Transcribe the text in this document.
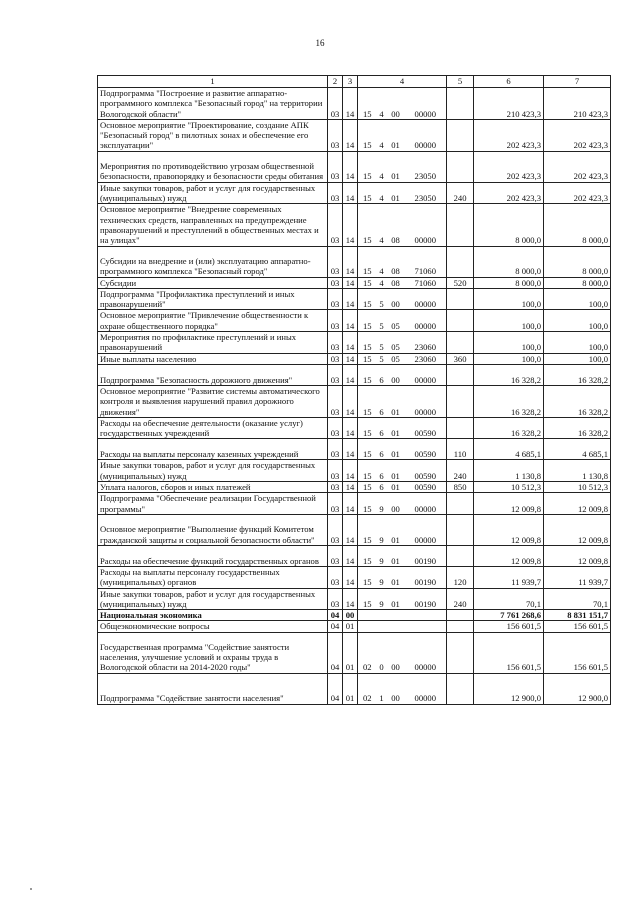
16
1	2	3	4				5	6	7
Подпрограмма "Построение и развитие аппаратно-программного комплекса "Безопасный город" на территории Вологодской области"	03	14	15	4	00	00000		210 423,3	210 423,3
Основное мероприятие "Проектирование, создание АПК "Безопасный город" в пилотных зонах и обеспечение его эксплуатации"	03	14	15	4	01	00000		202 423,3	202 423,3
Мероприятия по противодействию угрозам общественной безопасности, правопорядку и безопасности среды обитания	03	14	15	4	01	23050		202 423,3	202 423,3
Иные закупки товаров, работ и услуг для государственных (муниципальных) нужд	03	14	15	4	01	23050	240	202 423,3	202 423,3
Основное мероприятие "Внедрение современных технических средств, направленных на предупреждение правонарушений и преступлений в общественных местах и на улицах"	03	14	15	4	08	00000		8 000,0	8 000,0
Субсидии на внедрение и (или) эксплуатацию аппаратно-программного комплекса "Безопасный город"	03	14	15	4	08	71060		8 000,0	8 000,0
Субсидии	03	14	15	4	08	71060	520	8 000,0	8 000,0
Подпрограмма "Профилактика преступлений и иных правонарушений"	03	14	15	5	00	00000		100,0	100,0
Основное мероприятие "Привлечение общественности к охране общественного порядка"	03	14	15	5	05	00000		100,0	100,0
Мероприятия по профилактике преступлений и иных правонарушений	03	14	15	5	05	23060		100,0	100,0
Иные выплаты населению	03	14	15	5	05	23060	360	100,0	100,0
Подпрограмма "Безопасность дорожного движения"	03	14	15	6	00	00000		16 328,2	16 328,2
Основное мероприятие "Развитие системы автоматического контроля и выявления нарушений правил дорожного движения"	03	14	15	6	01	00000		16 328,2	16 328,2
Расходы на обеспечение деятельности (оказание услуг) государственных учреждений	03	14	15	6	01	00590		16 328,2	16 328,2
Расходы на выплаты персоналу казенных учреждений	03	14	15	6	01	00590	110	4 685,1	4 685,1
Иные закупки товаров, работ и услуг для государственных (муниципальных) нужд	03	14	15	6	01	00590	240	1 130,8	1 130,8
Уплата налогов, сборов и иных платежей	03	14	15	6	01	00590	850	10 512,3	10 512,3
Подпрограмма "Обеспечение реализации Государственной программы"	03	14	15	9	00	00000		12 009,8	12 009,8
Основное мероприятие "Выполнение функций Комитетом гражданской защиты и социальной безопасности области"	03	14	15	9	01	00000		12 009,8	12 009,8
Расходы на обеспечение функций государственных органов	03	14	15	9	01	00190		12 009,8	12 009,8
Расходы на выплаты персоналу государственных (муниципальных) органов	03	14	15	9	01	00190	120	11 939,7	11 939,7
Иные закупки товаров, работ и услуг для государственных (муниципальных) нужд	03	14	15	9	01	00190	240	70,1	70,1
Национальная экономика	04	00						7 761 268,6	8 831 151,7
Общеэкономические вопросы	04	01						156 601,5	156 601,5
Государственная программа "Содействие занятости населения, улучшение условий и охраны труда в Вологодской области на 2014-2020 годы"	04	01	02	0	00	00000		156 601,5	156 601,5
Подпрограмма "Содействие занятости населения"	04	01	02	1	00	00000		12 900,0	12 900,0
